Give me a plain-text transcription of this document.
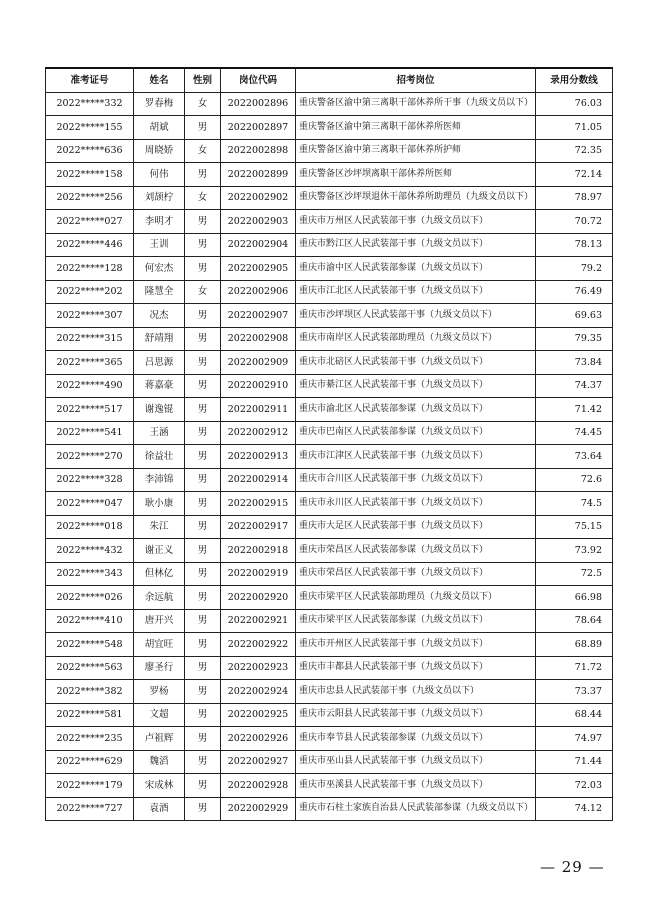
准考证号	姓名	性别	岗位代码	招考岗位	录用分数线
2022*****332	罗春梅	女	2022002896	重庆警备区渝中第三离职干部休养所干事（九级文员以下）	76.03
2022*****155	胡斌	男	2022002897	重庆警备区渝中第三离职干部休养所医师	71.05
2022*****636	周晓娇	女	2022002898	重庆警备区渝中第三离职干部休养所护师	72.35
2022*****158	何伟	男	2022002899	重庆警备区沙坪坝离职干部休养所医师	72.14
2022*****256	刘颉柠	女	2022002902	重庆警备区沙坪坝退休干部休养所助理员（九级文员以下）	78.97
2022*****027	李明才	男	2022002903	重庆市万州区人民武装部干事（九级文员以下）	70.72
2022*****446	王训	男	2022002904	重庆市黔江区人民武装部干事（九级文员以下）	78.13
2022*****128	何宏杰	男	2022002905	重庆市渝中区人民武装部参谋（九级文员以下）	79.2
2022*****202	隆慧全	女	2022002906	重庆市江北区人民武装部干事（九级文员以下）	76.49
2022*****307	况杰	男	2022002907	重庆市沙坪坝区人民武装部干事（九级文员以下）	69.63
2022*****315	舒靖翔	男	2022002908	重庆市南岸区人民武装部助理员（九级文员以下）	79.35
2022*****365	吕思源	男	2022002909	重庆市北碚区人民武装部干事（九级文员以下）	73.84
2022*****490	蒋嘉豪	男	2022002910	重庆市綦江区人民武装部干事（九级文员以下）	74.37
2022*****517	谢逸锟	男	2022002911	重庆市渝北区人民武装部参谋（九级文员以下）	71.42
2022*****541	王涵	男	2022002912	重庆市巴南区人民武装部参谋（九级文员以下）	74.45
2022*****270	徐益壮	男	2022002913	重庆市江津区人民武装部干事（九级文员以下）	73.64
2022*****328	李沛锦	男	2022002914	重庆市合川区人民武装部干事（九级文员以下）	72.6
2022*****047	耿小康	男	2022002915	重庆市永川区人民武装部干事（九级文员以下）	74.5
2022*****018	朱江	男	2022002917	重庆市大足区人民武装部干事（九级文员以下）	75.15
2022*****432	谢正义	男	2022002918	重庆市荣昌区人民武装部参谋（九级文员以下）	73.92
2022*****343	但林亿	男	2022002919	重庆市荣昌区人民武装部干事（九级文员以下）	72.5
2022*****026	余远航	男	2022002920	重庆市梁平区人民武装部助理员（九级文员以下）	66.98
2022*****410	唐开兴	男	2022002921	重庆市梁平区人民武装部参谋（九级文员以下）	78.64
2022*****548	胡宜旺	男	2022002922	重庆市开州区人民武装部干事（九级文员以下）	68.89
2022*****563	廖圣行	男	2022002923	重庆市丰都县人民武装部干事（九级文员以下）	71.72
2022*****382	罗杨	男	2022002924	重庆市忠县人民武装部干事（九级文员以下）	73.37
2022*****581	文超	男	2022002925	重庆市云阳县人民武装部干事（九级文员以下）	68.44
2022*****235	卢祖辉	男	2022002926	重庆市奉节县人民武装部参谋（九级文员以下）	74.97
2022*****629	魏滔	男	2022002927	重庆市巫山县人民武装部干事（九级文员以下）	71.44
2022*****179	宋成林	男	2022002928	重庆市巫溪县人民武装部干事（九级文员以下）	72.03
2022*****727	袁酒	男	2022002929	重庆市石柱土家族自治县人民武装部参谋（九级文员以下）	74.12
— 29 —
